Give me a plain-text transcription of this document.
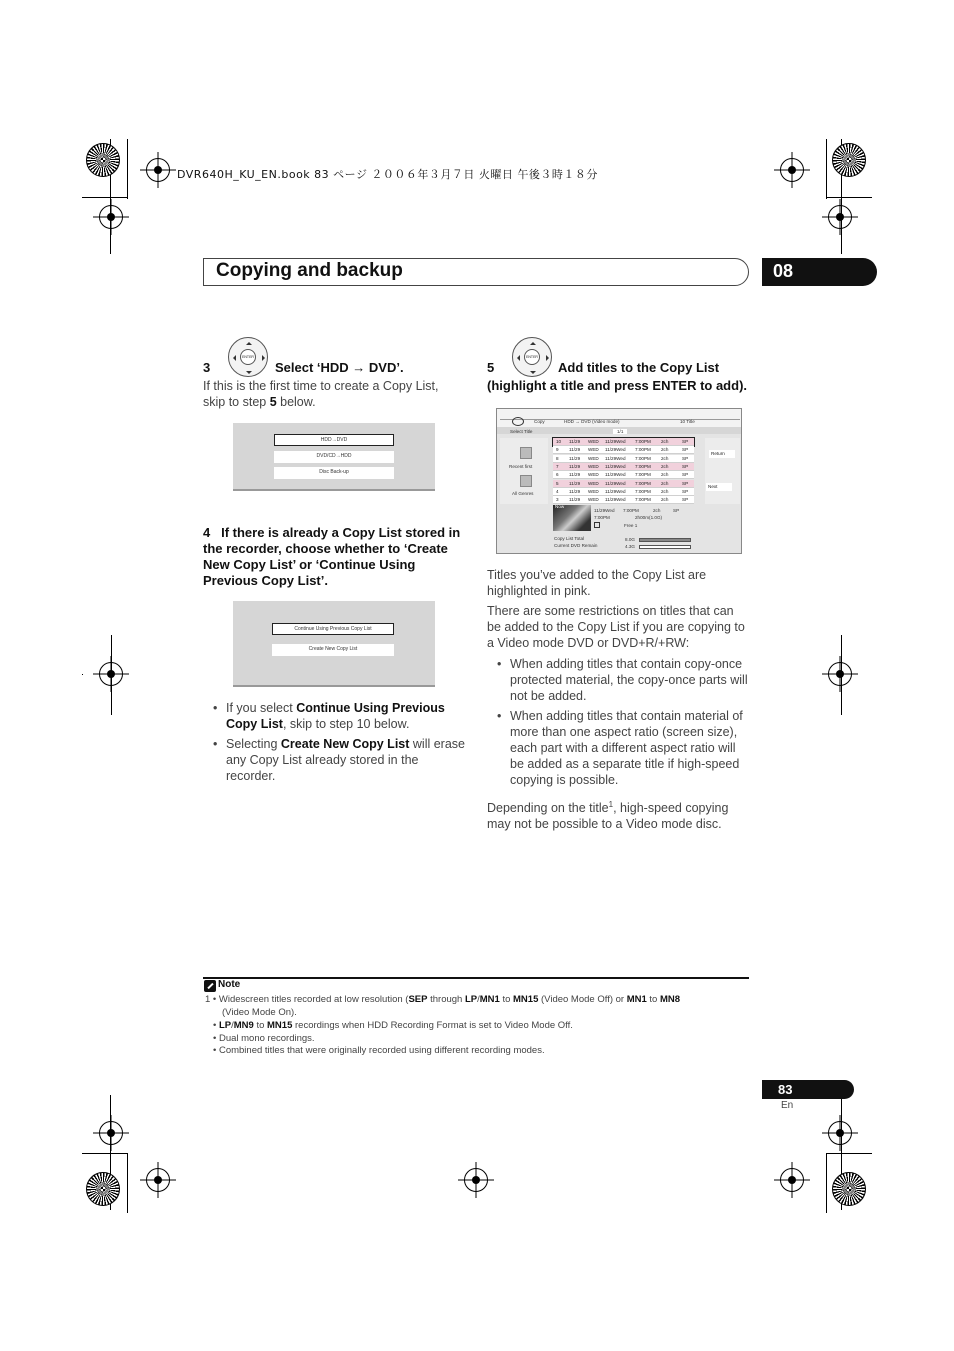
DVR640H_KU_EN.book 83 ページ ２００６年３月７日 火曜日 午後３時１８分
Copying and backup	08
ENTER
3	Select ‘HDD → DVD’.
If this is the first time to create a Copy List, skip to step 5 below.
HDD→DVD
DVD/CD→HDD
Disc Back-up
4 If there is already a Copy List stored in the recorder, choose whether to ‘Create New Copy List’ or ‘Continue Using Previous Copy List’.
Continue Using Previous Copy List
Create New Copy List
• If you select Continue Using Previous Copy List, skip to step 10 below.
• Selecting Create New Copy List will erase any Copy List already stored in the recorder.
ENTER
5	Add titles to the Copy List
(highlight a title and press ENTER to add).
Copy	HDD → DVD (Video mode)	10 Title
Select Title	1/1
Recent first
All Genres
Return
Next
10 11/29 WED 11/29Wed 7:00PM 2ch	SP
9 11/29 WED 11/29Wed 7:00PM 2ch	SP
8 11/29 WED 11/29Wed 7:00PM 2ch	SP
7 11/29 WED 11/29Wed 7:00PM 2ch	SP
6 11/29 WED 11/29Wed 7:00PM 2ch	SP
5 11/29 WED 11/29Wed 7:00PM 2ch	SP
4 11/29 WED 11/29Wed 7:00PM 2ch	SP
3 11/29 WED 11/29Wed 7:00PM 2ch	SP
Now
11/29Wed 7:00PM	2ch	SP
7:00PM	2h00m(1.0G)
Free 1
Copy List Total	8.0G
Current DVD Remain	4.3G
Titles you’ve added to the Copy List are highlighted in pink.
There are some restrictions on titles that can be added to the Copy List if you are copying to a Video mode DVD or DVD+R/+RW:
• When adding titles that contain copy-once protected material, the copy-once parts will not be added.
• When adding titles that contain material of more than one aspect ratio (screen size), each part with a different aspect ratio will be added as a separate title if high-speed copying is possible.
Depending on the title$^1$, high-speed copying may not be possible to a Video mode disc.
Note
1 • Widescreen titles recorded at low resolution (SEP through LP/MN1 to MN15 (Video Mode Off) or MN1 to MN8
(Video Mode On).
• LP/MN9 to MN15 recordings when HDD Recording Format is set to Video Mode Off.
• Dual mono recordings.
• Combined titles that were originally recorded using different recording modes.
83
En
